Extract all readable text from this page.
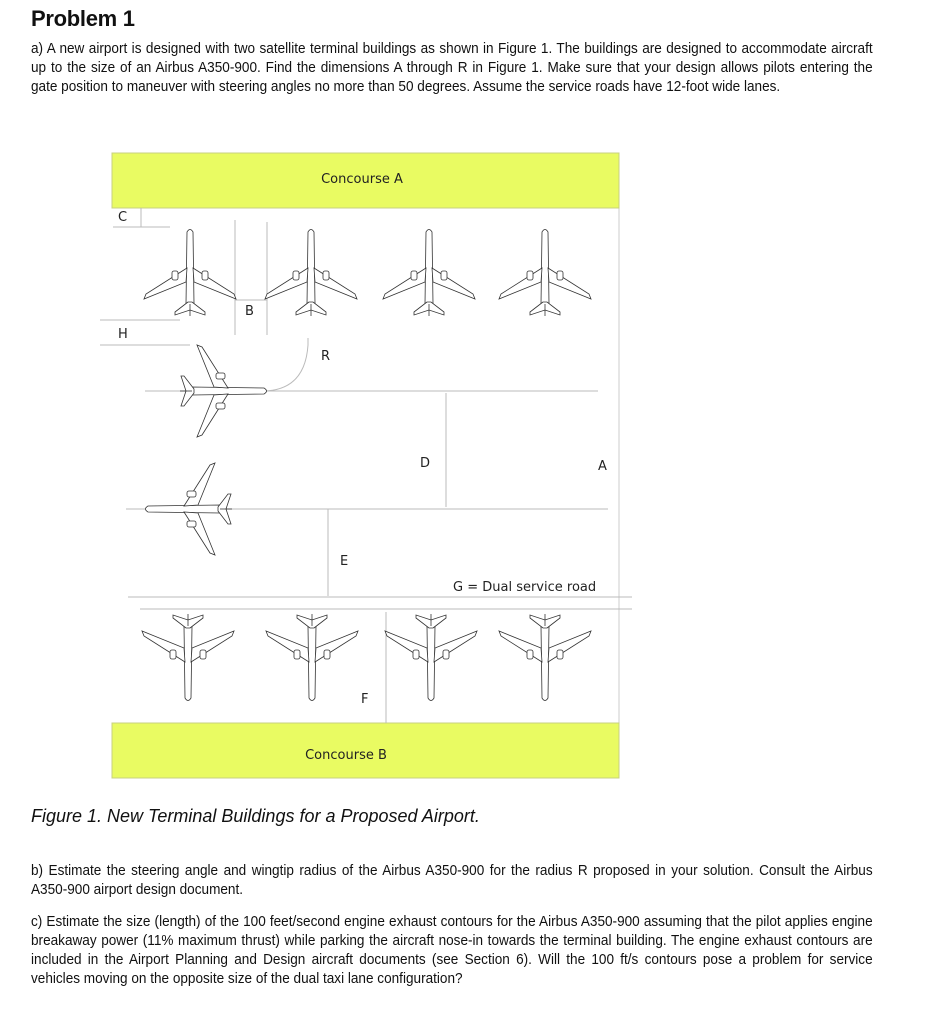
Problem 1
a) A new airport is designed with two satellite terminal buildings as shown in Figure 1. The buildings are designed to accommodate aircraft up to the size of an Airbus A350-900. Find the dimensions A through R in Figure 1. Make sure that your design allows pilots entering the gate position to maneuver with steering angles no more than 50 degrees. Assume the service roads have 12-foot wide lanes.
Concourse A
Concourse B
C
B
H
R
D	A
E
G = Dual service road
F
Figure 1. New Terminal Buildings for a Proposed Airport.
b) Estimate the steering angle and wingtip radius of the Airbus A350-900 for the radius R proposed in your solution. Consult the Airbus A350-900 airport design document.
c) Estimate the size (length) of the 100 feet/second engine exhaust contours for the Airbus A350-900 assuming that the pilot applies engine breakaway power (11% maximum thrust) while parking the aircraft nose-in towards the terminal building. The engine exhaust contours are included in the Airport Planning and Design aircraft documents (see Section 6). Will the 100 ft/s contours pose a problem for service vehicles moving on the opposite size of the dual taxi lane configuration?
